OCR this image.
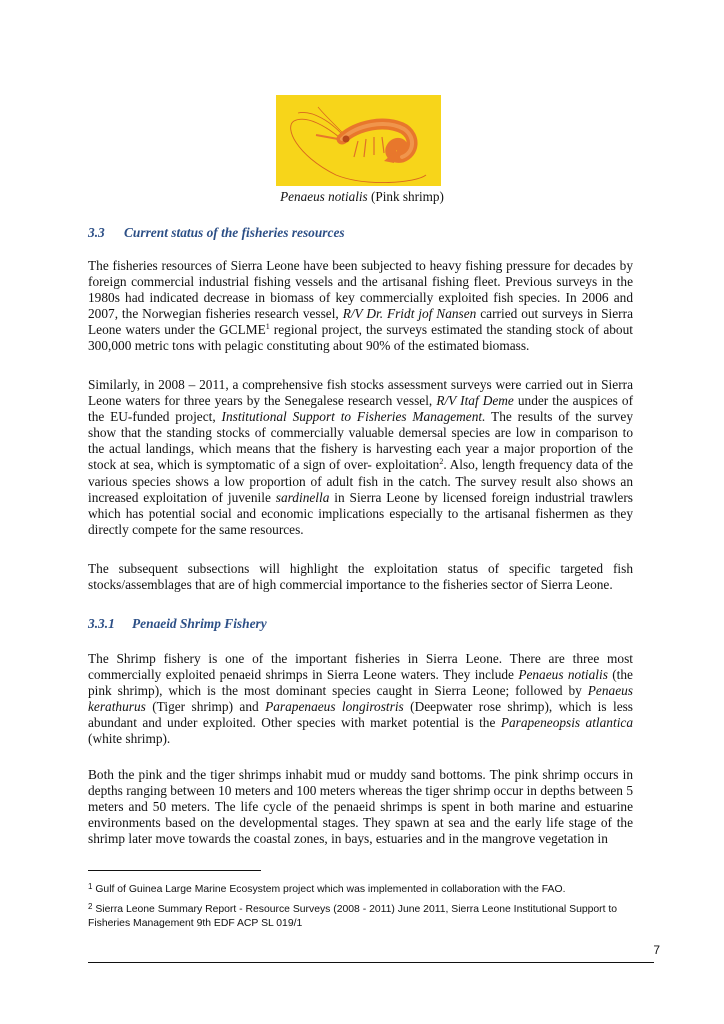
Penaeus notialis (Pink shrimp)
3.3 Current status of the fisheries resources

The fisheries resources of Sierra Leone have been subjected to heavy fishing pressure for decades by foreign commercial industrial fishing vessels and the artisanal fishing fleet. Previous surveys in the 1980s had indicated decrease in biomass of key commercially exploited fish species. In 2006 and 2007, the Norwegian fisheries research vessel, R/V Dr. Fridt jof Nansen carried out surveys in Sierra Leone waters under the GCLME$^1$ regional project, the surveys estimated the standing stock of about 300,000 metric tons with pelagic constituting about 90% of the estimated biomass.

Similarly, in 2008 – 2011, a comprehensive fish stocks assessment surveys were carried out in Sierra Leone waters for three years by the Senegalese research vessel, R/V Itaf Deme under the auspices of the EU-funded project, Institutional Support to Fisheries Management. The results of the survey show that the standing stocks of commercially valuable demersal species are low in comparison to the actual landings, which means that the fishery is harvesting each year a major proportion of the stock at sea, which is symptomatic of a sign of over- exploitation$^2$. Also, length frequency data of the various species shows a low proportion of adult fish in the catch. The survey result also shows an increased exploitation of juvenile sardinella in Sierra Leone by licensed foreign industrial trawlers which has potential social and economic implications especially to the artisanal fishermen as they directly compete for the same resources.

The subsequent subsections will highlight the exploitation status of specific targeted fish stocks/assemblages that are of high commercial importance to the fisheries sector of Sierra Leone.

3.3.1 Penaeid Shrimp Fishery

The Shrimp fishery is one of the important fisheries in Sierra Leone. There are three most commercially exploited penaeid shrimps in Sierra Leone waters. They include Penaeus notialis (the pink shrimp), which is the most dominant species caught in Sierra Leone; followed by Penaeus kerathurus (Tiger shrimp) and Parapenaeus longirostris (Deepwater rose shrimp), which is less abundant and under exploited. Other species with market potential is the Parapeneopsis atlantica (white shrimp).

Both the pink and the tiger shrimps inhabit mud or muddy sand bottoms. The pink shrimp occurs in depths ranging between 10 meters and 100 meters whereas the tiger shrimp occur in depths between 5 meters and 50 meters. The life cycle of the penaeid shrimps is spent in both marine and estuarine environments based on the developmental stages. They spawn at sea and the early life stage of the shrimp later move towards the coastal zones, in bays, estuaries and in the mangrove vegetation in

$^1$ Gulf of Guinea Large Marine Ecosystem project which was implemented in collaboration with the FAO.

$^2$ Sierra Leone Summary Report - Resource Surveys (2008 - 2011) June 2011, Sierra Leone Institutional Support to Fisheries Management 9th EDF ACP SL 019/1

7
